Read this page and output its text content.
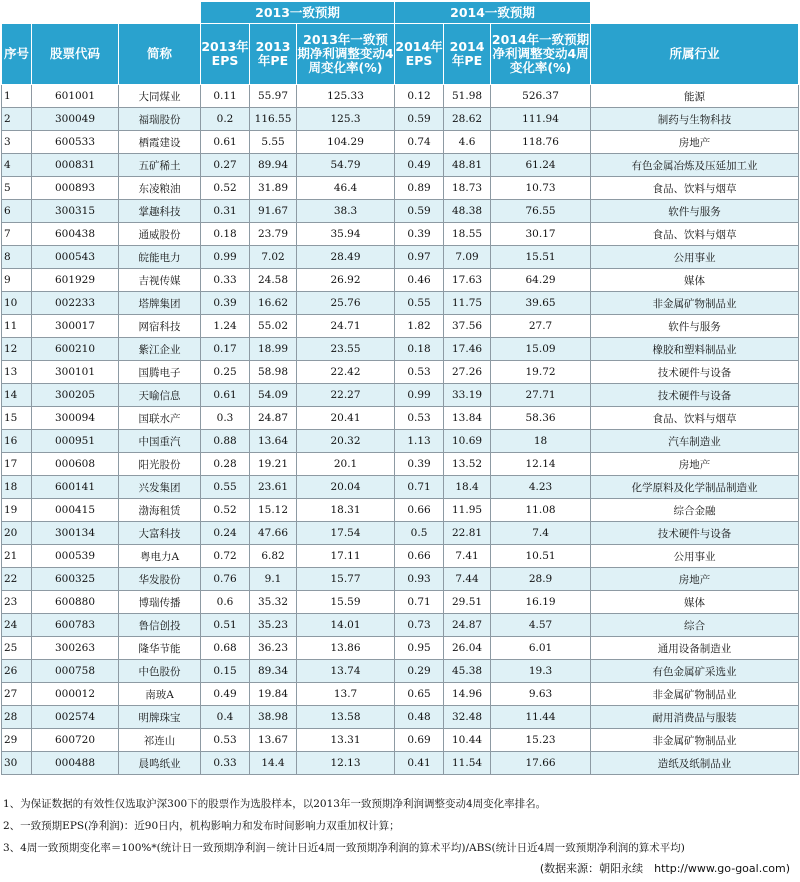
			2013一致预期			2014一致预期			
序号	股票代码	简称	2013年EPS	2013年PE	2013年一致预期净利调整变动4周变化率(%)	2014年EPS	2014年PE	2014年一致预期净利调整变动4周变化率(%)	所属行业
1	601001	大同煤业	0.11	55.97	125.33	0.12	51.98	526.37	能源
2	300049	福瑞股份	0.2	116.55	125.3	0.59	28.62	111.94	制药与生物科技
3	600533	栖霞建设	0.61	5.55	104.29	0.74	4.6	118.76	房地产
4	000831	五矿稀土	0.27	89.94	54.79	0.49	48.81	61.24	有色金属冶炼及压延加工业
5	000893	东凌粮油	0.52	31.89	46.4	0.89	18.73	10.73	食品、饮料与烟草
6	300315	掌趣科技	0.31	91.67	38.3	0.59	48.38	76.55	软件与服务
7	600438	通威股份	0.18	23.79	35.94	0.39	18.55	30.17	食品、饮料与烟草
8	000543	皖能电力	0.99	7.02	28.49	0.97	7.09	15.51	公用事业
9	601929	吉视传媒	0.33	24.58	26.92	0.46	17.63	64.29	媒体
10	002233	塔牌集团	0.39	16.62	25.76	0.55	11.75	39.65	非金属矿物制品业
11	300017	网宿科技	1.24	55.02	24.71	1.82	37.56	27.7	软件与服务
12	600210	紫江企业	0.17	18.99	23.55	0.18	17.46	15.09	橡胶和塑料制品业
13	300101	国腾电子	0.25	58.98	22.42	0.53	27.26	19.72	技术硬件与设备
14	300205	天喻信息	0.61	54.09	22.27	0.99	33.19	27.71	技术硬件与设备
15	300094	国联水产	0.3	24.87	20.41	0.53	13.84	58.36	食品、饮料与烟草
16	000951	中国重汽	0.88	13.64	20.32	1.13	10.69	18	汽车制造业
17	000608	阳光股份	0.28	19.21	20.1	0.39	13.52	12.14	房地产
18	600141	兴发集团	0.55	23.61	20.04	0.71	18.4	4.23	化学原料及化学制品制造业
19	000415	渤海租赁	0.52	15.12	18.31	0.66	11.95	11.08	综合金融
20	300134	大富科技	0.24	47.66	17.54	0.5	22.81	7.4	技术硬件与设备
21	000539	粤电力A	0.72	6.82	17.11	0.66	7.41	10.51	公用事业
22	600325	华发股份	0.76	9.1	15.77	0.93	7.44	28.9	房地产
23	600880	博瑞传播	0.6	35.32	15.59	0.71	29.51	16.19	媒体
24	600783	鲁信创投	0.51	35.23	14.01	0.73	24.87	4.57	综合
25	300263	隆华节能	0.68	36.23	13.86	0.95	26.04	6.01	通用设备制造业
26	000758	中色股份	0.15	89.34	13.74	0.29	45.38	19.3	有色金属矿采选业
27	000012	南玻A	0.49	19.84	13.7	0.65	14.96	9.63	非金属矿物制品业
28	002574	明牌珠宝	0.4	38.98	13.58	0.48	32.48	11.44	耐用消费品与服装
29	600720	祁连山	0.53	13.67	13.31	0.69	10.44	15.23	非金属矿物制品业
30	000488	晨鸣纸业	0.33	14.4	12.13	0.41	11.54	17.66	造纸及纸制品业

1、为保证数据的有效性仅选取沪深300下的股票作为选股样本，以2013年一致预期净利润调整变动4周变化率排名。

2、一致预期EPS(净利润)：近90日内，机构影响力和发布时间影响力双重加权计算；

3、4周一致预期变化率＝100%*(统计日一致预期净利润－统计日近4周一致预期净利润的算术平均)/ABS(统计日近4周一致预期净利润的算术平均)

(数据来源：朝阳永续　http://www.go-goal.com)
